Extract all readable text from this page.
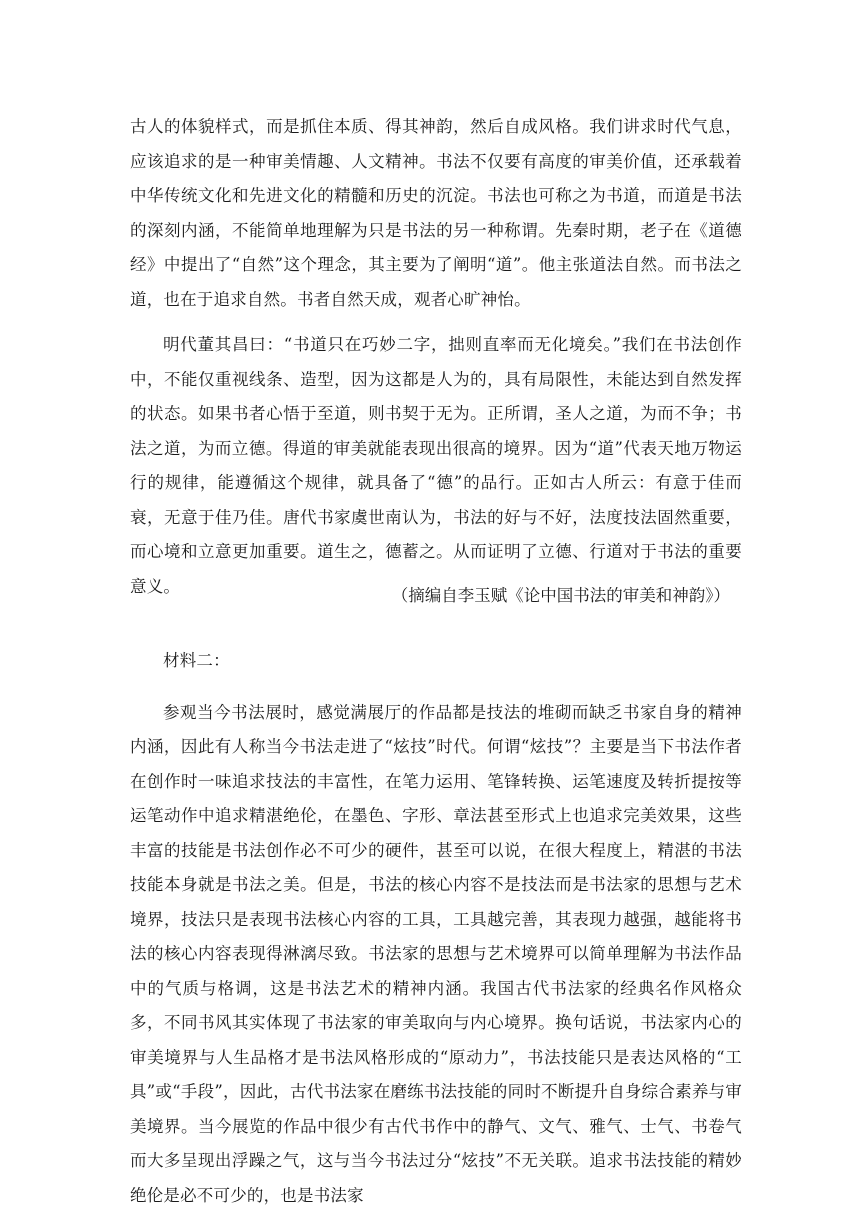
古人的体貌样式，而是抓住本质、得其神韵，然后自成风格。我们讲求时代气息，应该追求的是一种审美情趣、人文精神。书法不仅要有高度的审美价值，还承载着中华传统文化和先进文化的精髓和历史的沉淀。书法也可称之为书道，而道是书法的深刻内涵，不能简单地理解为只是书法的另一种称谓。先秦时期，老子在《道德经》中提出了“自然”这个理念，其主要为了阐明“道”。他主张道法自然。而书法之道，也在于追求自然。书者自然天成，观者心旷神怡。

明代董其昌曰：“书道只在巧妙二字，拙则直率而无化境矣。”我们在书法创作中，不能仅重视线条、造型，因为这都是人为的，具有局限性，未能达到自然发挥的状态。如果书者心悟于至道，则书契于无为。正所谓，圣人之道，为而不争；书法之道，为而立德。得道的审美就能表现出很高的境界。因为“道”代表天地万物运行的规律，能遵循这个规律，就具备了“德”的品行。正如古人所云：有意于佳而衰，无意于佳乃佳。唐代书家虞世南认为，书法的好与不好，法度技法固然重要，而心境和立意更加重要。道生之，德蓄之。从而证明了立德、行道对于书法的重要意义。	（摘编自李玉赋《论中国书法的审美和神韵》）

材料二：

参观当今书法展时，感觉满展厅的作品都是技法的堆砌而缺乏书家自身的精神内涵，因此有人称当今书法走进了“炫技”时代。何谓“炫技”？主要是当下书法作者在创作时一味追求技法的丰富性，在笔力运用、笔锋转换、运笔速度及转折提按等运笔动作中追求精湛绝伦，在墨色、字形、章法甚至形式上也追求完美效果，这些丰富的技能是书法创作必不可少的硬件，甚至可以说，在很大程度上，精湛的书法技能本身就是书法之美。但是，书法的核心内容不是技法而是书法家的思想与艺术境界，技法只是表现书法核心内容的工具，工具越完善，其表现力越强，越能将书法的核心内容表现得淋漓尽致。书法家的思想与艺术境界可以简单理解为书法作品中的气质与格调，这是书法艺术的精神内涵。我国古代书法家的经典名作风格众多，不同书风其实体现了书法家的审美取向与内心境界。换句话说，书法家内心的审美境界与人生品格才是书法风格形成的“原动力”，书法技能只是表达风格的“工具”或“手段”，因此，古代书法家在磨练书法技能的同时不断提升自身综合素养与审美境界。当今展览的作品中很少有古代书作中的静气、文气、雅气、士气、书卷气而大多呈现出浮躁之气，这与当今书法过分“炫技”不无关联。追求书法技能的精妙绝伦是必不可少的，也是书法家
